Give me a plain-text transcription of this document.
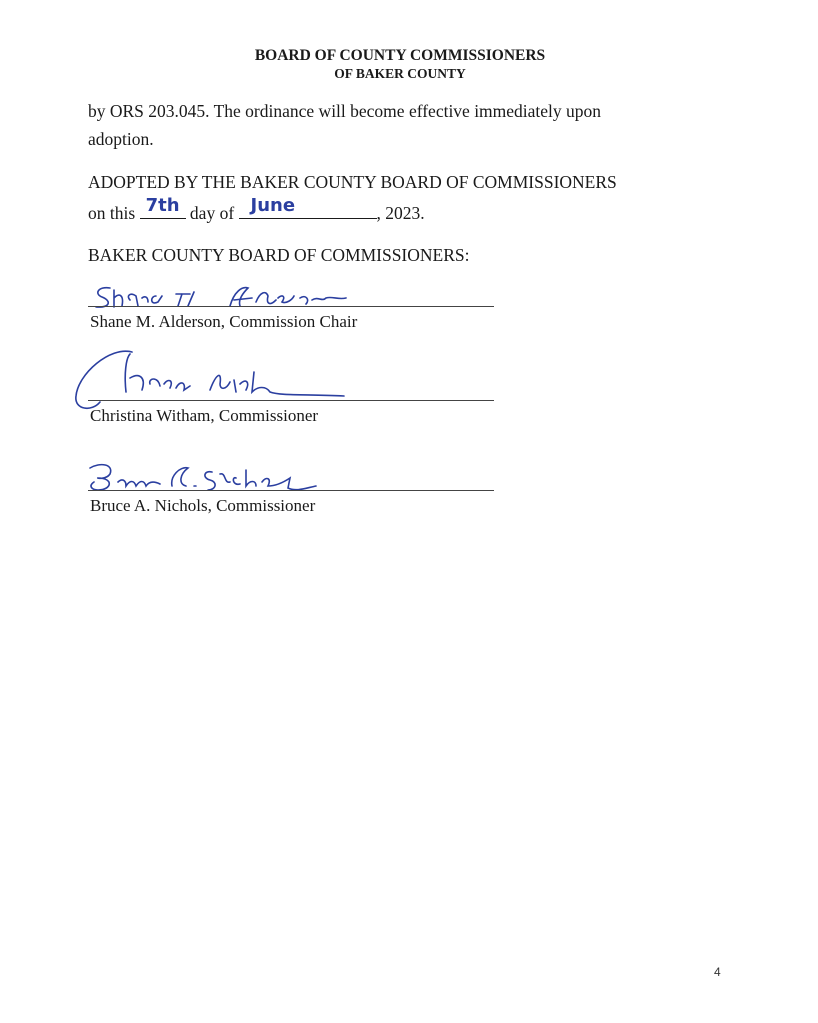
BOARD OF COUNTY COMMISSIONERS
OF BAKER COUNTY
by ORS 203.045. The ordinance will become effective immediately upon
adoption.
ADOPTED BY THE BAKER COUNTY BOARD OF COMMISSIONERS
on this 7th day of June	, 2023.
BAKER COUNTY BOARD OF COMMISSIONERS:
Shane M. Alderson, Commission Chair
Christina Witham, Commissioner
Bruce A. Nichols, Commissioner
4
